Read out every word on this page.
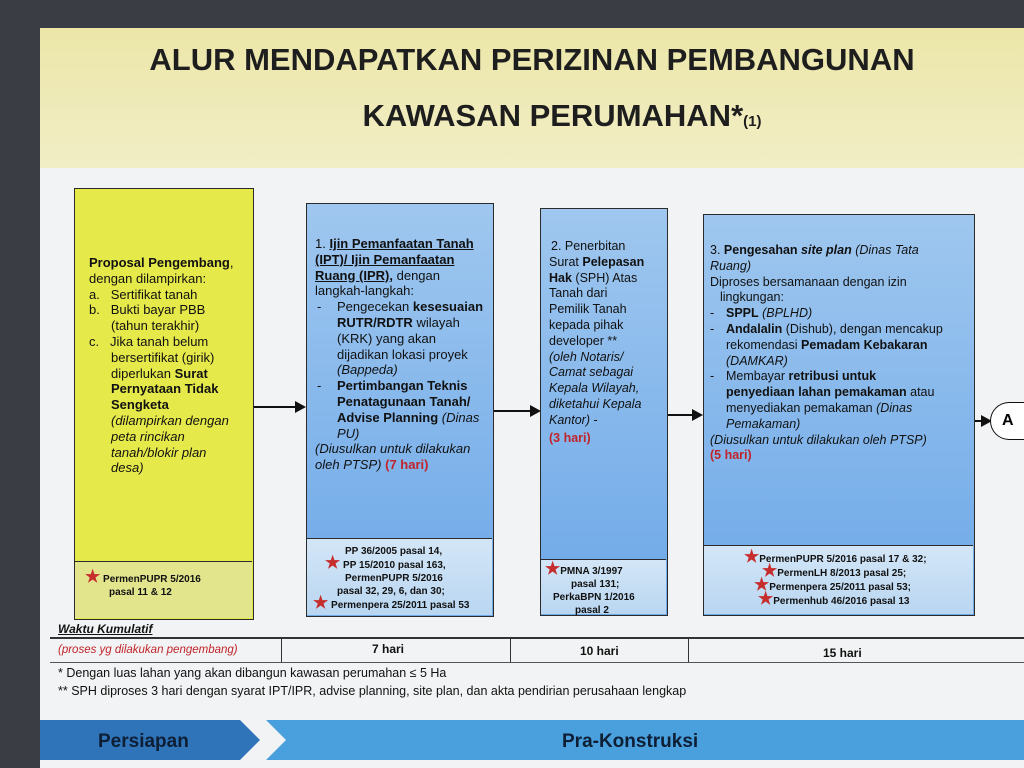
ALUR MENDAPATKAN PERIZINAN PEMBANGUNAN
KAWASAN PERUMAHAN*(1)
Proposal Pengembang, dengan dilampirkan:
a. Sertifikat tanah
b. Bukti bayar PBB
(tahun terakhir)
c. Jika tanah belum
bersertifikat (girik)
diperlukan Surat
Pernyataan Tidak
Sengketa
(dilampirkan dengan
peta rincikan
tanah/blokir plan
desa)
★ PermenPUPR 5/2016
pasal 11 & 12
1. Ijin Pemanfaatan Tanah
(IPT)/ Ijin Pemanfaatan
Ruang (IPR), dengan
langkah-langkah:
- Pengecekan kesesuaian
RUTR/RDTR wilayah
(KRK) yang akan
dijadikan lokasi proyek
(Bappeda)
- Pertimbangan Teknis
Penatagunaan Tanah/
Advise Planning (Dinas
PU)
(Diusulkan untuk dilakukan
oleh PTSP) (7 hari)
PP 36/2005 pasal 14,
★ PP 15/2010 pasal 163,
PermenPUPR 5/2016
pasal 32, 29, 6, dan 30;
★ Permenpera 25/2011 pasal 53
2. Penerbitan
Surat Pelepasan
Hak (SPH) Atas
Tanah dari
Pemilik Tanah
kepada pihak
developer **
(oleh Notaris/
Camat sebagai
Kepala Wilayah,
diketahui Kepala
Kantor) -
(3 hari)
★PMNA 3/1997
pasal 131;
PerkaBPN 1/2016
pasal 2
3. Pengesahan site plan (Dinas Tata
Ruang)
Diproses bersamanaan dengan izin
lingkungan:
- SPPL (BPLHD)
- Andalalin (Dishub), dengan mencakup
rekomendasi Pemadam Kebakaran
(DAMKAR)
- Membayar retribusi untuk
penyediaan lahan pemakaman atau
menyediakan pemakaman (Dinas
Pemakaman)
(Diusulkan untuk dilakukan oleh PTSP)
(5 hari)
★PermenPUPR 5/2016 pasal 17 & 32;
★PermenLH 8/2013 pasal 25;
★Permenpera 25/2011 pasal 53;
★Permenhub 46/2016 pasal 13
A
Waktu Kumulatif
(proses yg dilakukan pengembang)	7 hari	10 hari	15 hari
* Dengan luas lahan yang akan dibangun kawasan perumahan ≤ 5 Ha
** SPH diproses 3 hari dengan syarat IPT/IPR, advise planning, site plan, dan akta pendirian perusahaan lengkap
Persiapan	Pra-Konstruksi
